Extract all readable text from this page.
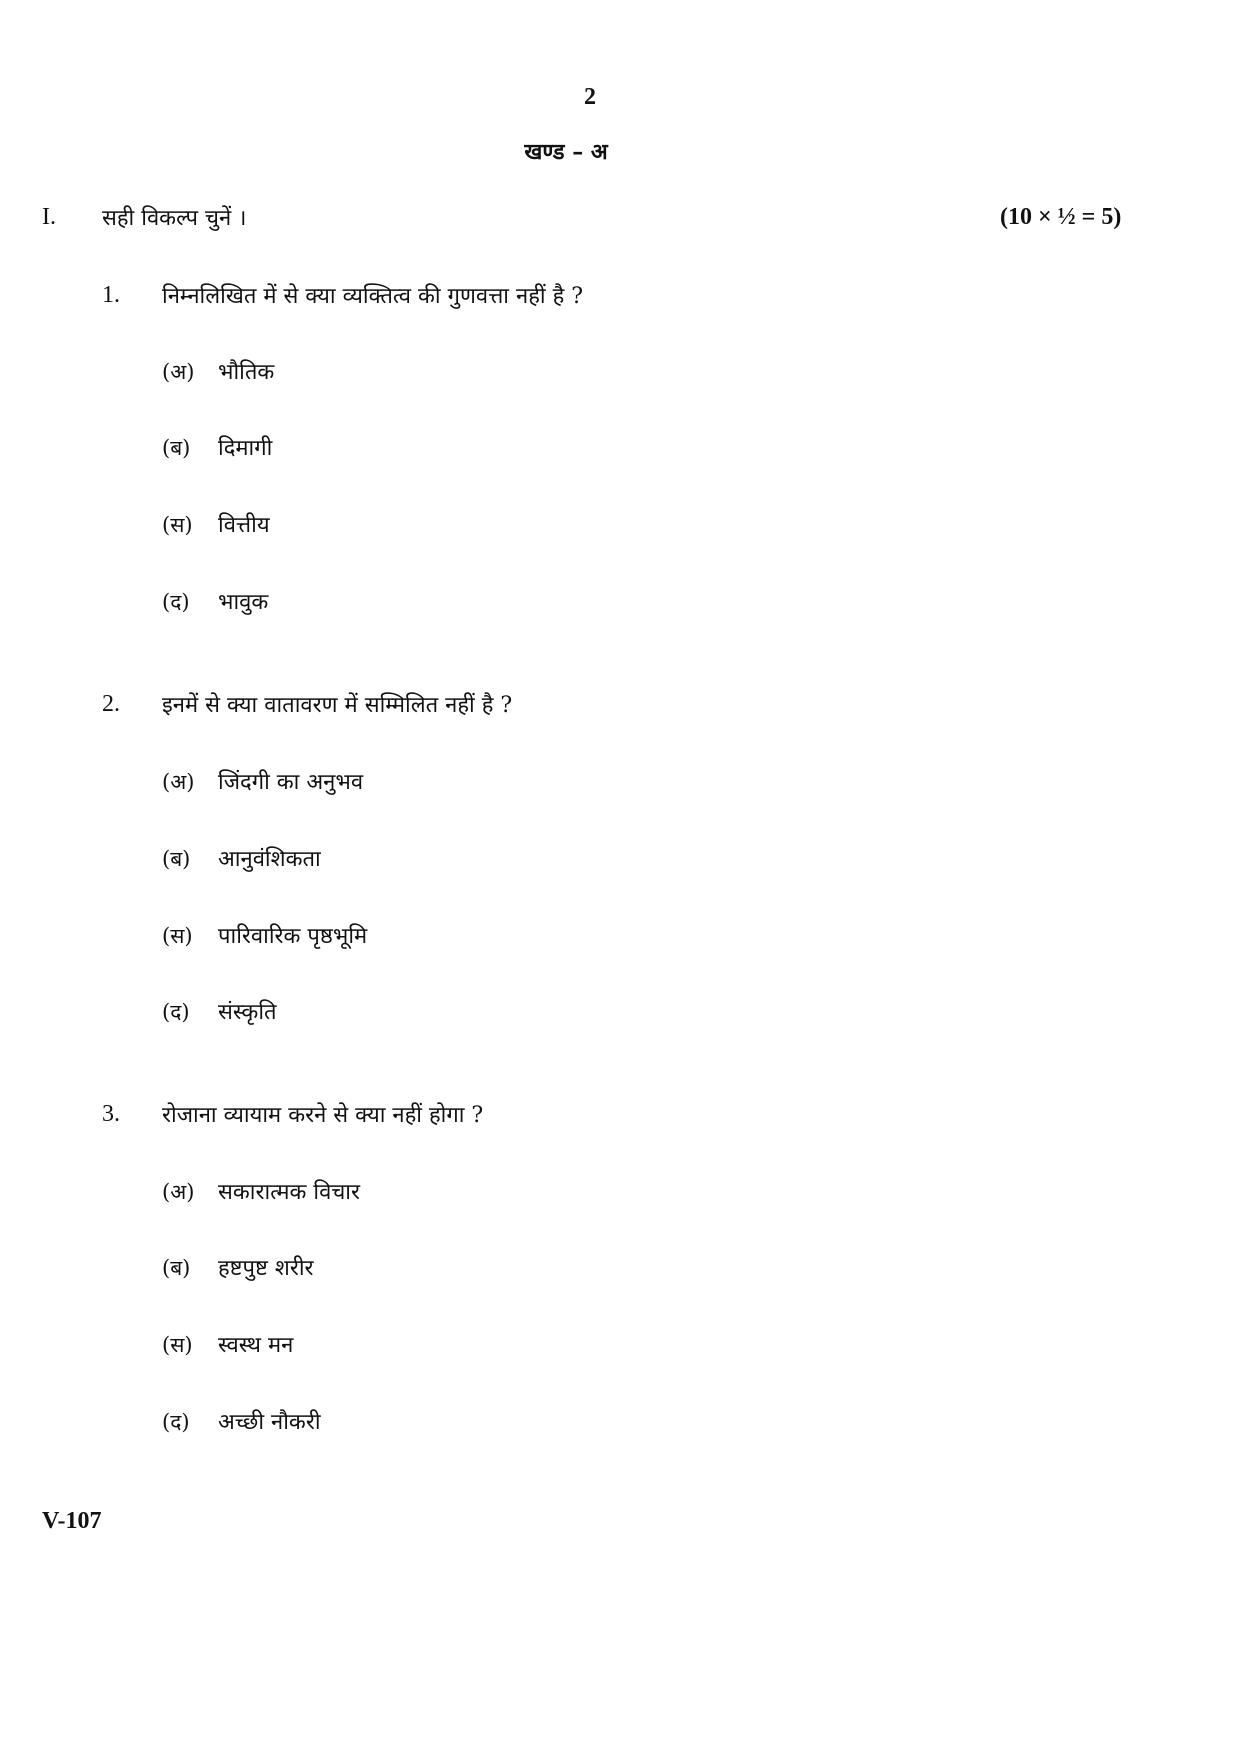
2
खण्ड – अ
I. सही विकल्प चुनें ।	(10 × ½ = 5)
1. निम्नलिखित में से क्या व्यक्तित्व की गुणवत्ता नहीं है ?
(अ) भौतिक
(ब) दिमागी
(स) वित्तीय
(द) भावुक
2. इनमें से क्या वातावरण में सम्मिलित नहीं है ?
(अ) जिंदगी का अनुभव
(ब) आनुवंशिकता
(स) पारिवारिक पृष्ठभूमि
(द) संस्कृति
3. रोजाना व्यायाम करने से क्या नहीं होगा ?
(अ) सकारात्मक विचार
(ब) हष्टपुष्ट शरीर
(स) स्वस्थ मन
(द) अच्छी नौकरी
V-107
